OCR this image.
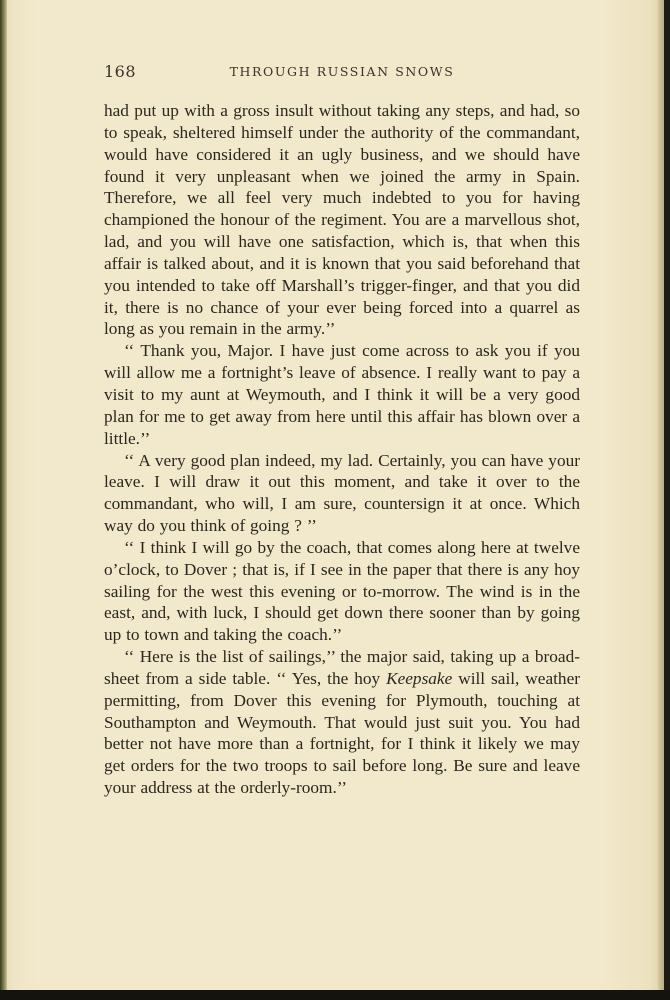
168	THROUGH RUSSIAN SNOWS

had put up with a gross insult without taking any steps, and had, so to speak, sheltered himself under the authority of the commandant, would have considered it an ugly business, and we should have found it very unpleasant when we joined the army in Spain. Therefore, we all feel very much indebted to you for having championed the honour of the regiment. You are a marvellous shot, lad, and you will have one satisfaction, which is, that when this affair is talked about, and it is known that you said beforehand that you intended to take off Marshall’s trigger-finger, and that you did it, there is no chance of your ever being forced into a quarrel as long as you remain in the army.’’

‘‘ Thank you, Major. I have just come across to ask you if you will allow me a fortnight’s leave of absence. I really want to pay a visit to my aunt at Weymouth, and I think it will be a very good plan for me to get away from here until this affair has blown over a little.’’

‘‘ A very good plan indeed, my lad. Certainly, you can have your leave. I will draw it out this moment, and take it over to the commandant, who will, I am sure, countersign it at once. Which way do you think of going ? ’’

‘‘ I think I will go by the coach, that comes along here at twelve o’clock, to Dover ; that is, if I see in the paper that there is any hoy sailing for the west this evening or to-morrow. The wind is in the east, and, with luck, I should get down there sooner than by going up to town and taking the coach.’’

‘‘ Here is the list of sailings,’’ the major said, taking up a broad-sheet from a side table. ‘‘ Yes, the hoy Keepsake will sail, weather permitting, from Dover this evening for Plymouth, touching at Southampton and Weymouth. That would just suit you. You had better not have more than a fortnight, for I think it likely we may get orders for the two troops to sail before long. Be sure and leave your address at the orderly-room.’’
